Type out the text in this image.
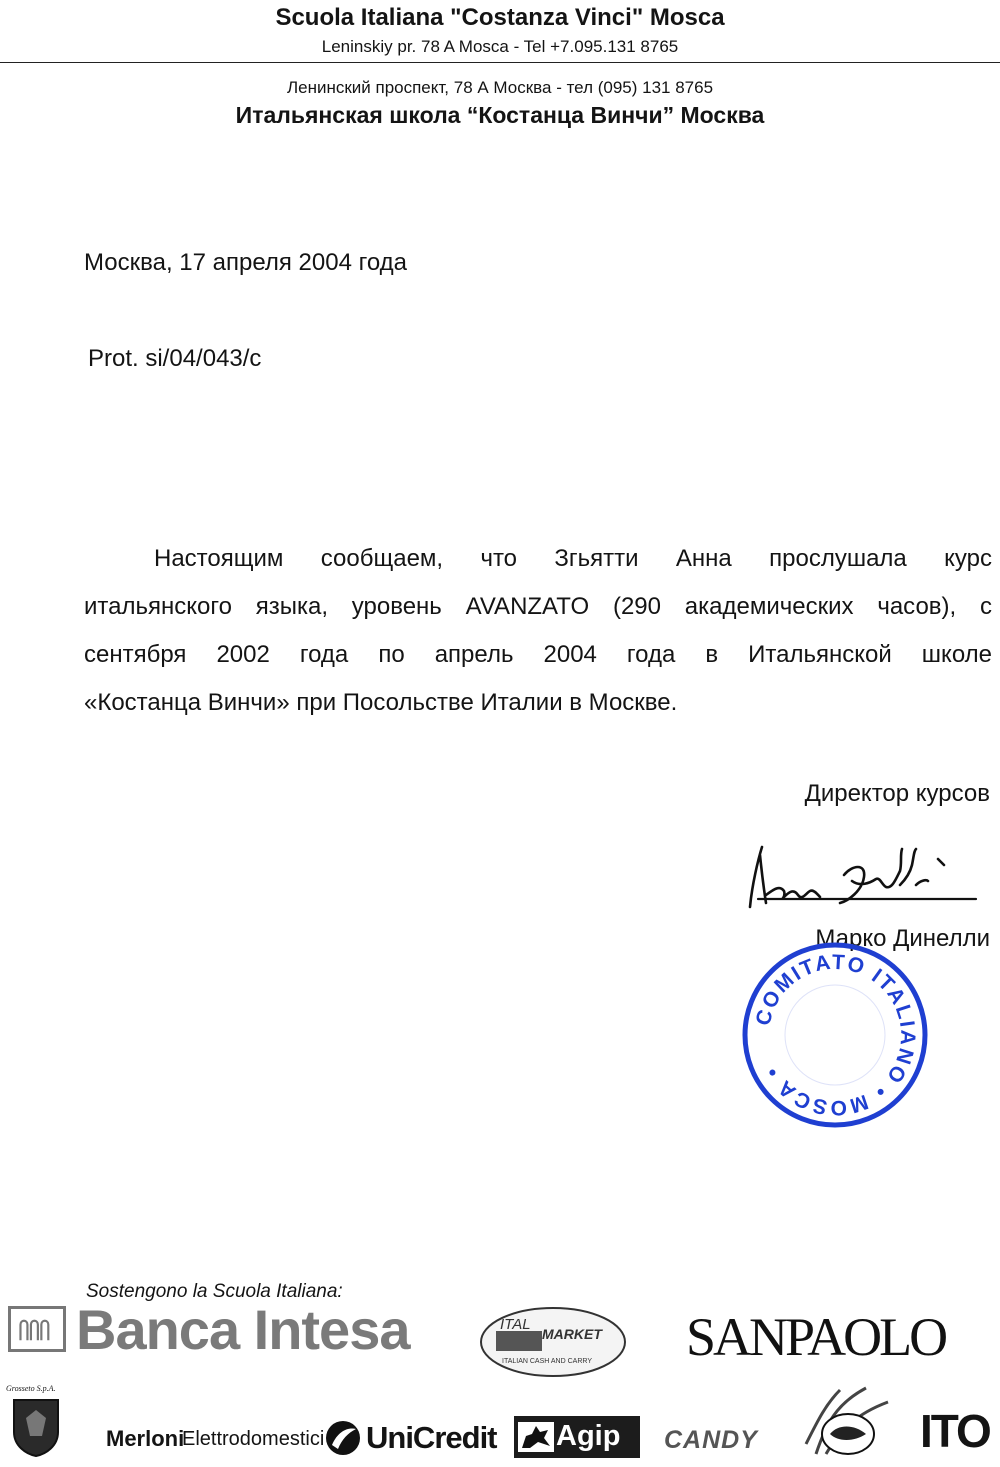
Scuola Italiana "Costanza Vinci" Mosca
Leninskiy pr. 78 A Mosca - Tel +7.095.131 8765
Ленинский проспект, 78 А Москва - тел (095) 131 8765
Итальянская школа “Костанца Винчи” Москва
Москва, 17 апреля 2004 года
Prot. si/04/043/c
Настоящим сообщаем, что Згьятти Анна прослушала курс
итальянского языка, уровень AVANZATO (290 академических часов), с
сентября 2002 года по апрель 2004 года в Итальянской школе
«Костанца Винчи» при Посольстве Италии в Москве.
Директор курсов
Марко Динелли
COMITATO ITALIANO • MOSCA •
Sostengono la Scuola Italiana:
Banca Intesa	ITAL
MARKET
ITALIAN CASH AND CARRY SANPAOLO
Grosseto S.p.A.
Merloni
Elettrodomestici UniCredit Agip CANDY	ITO
